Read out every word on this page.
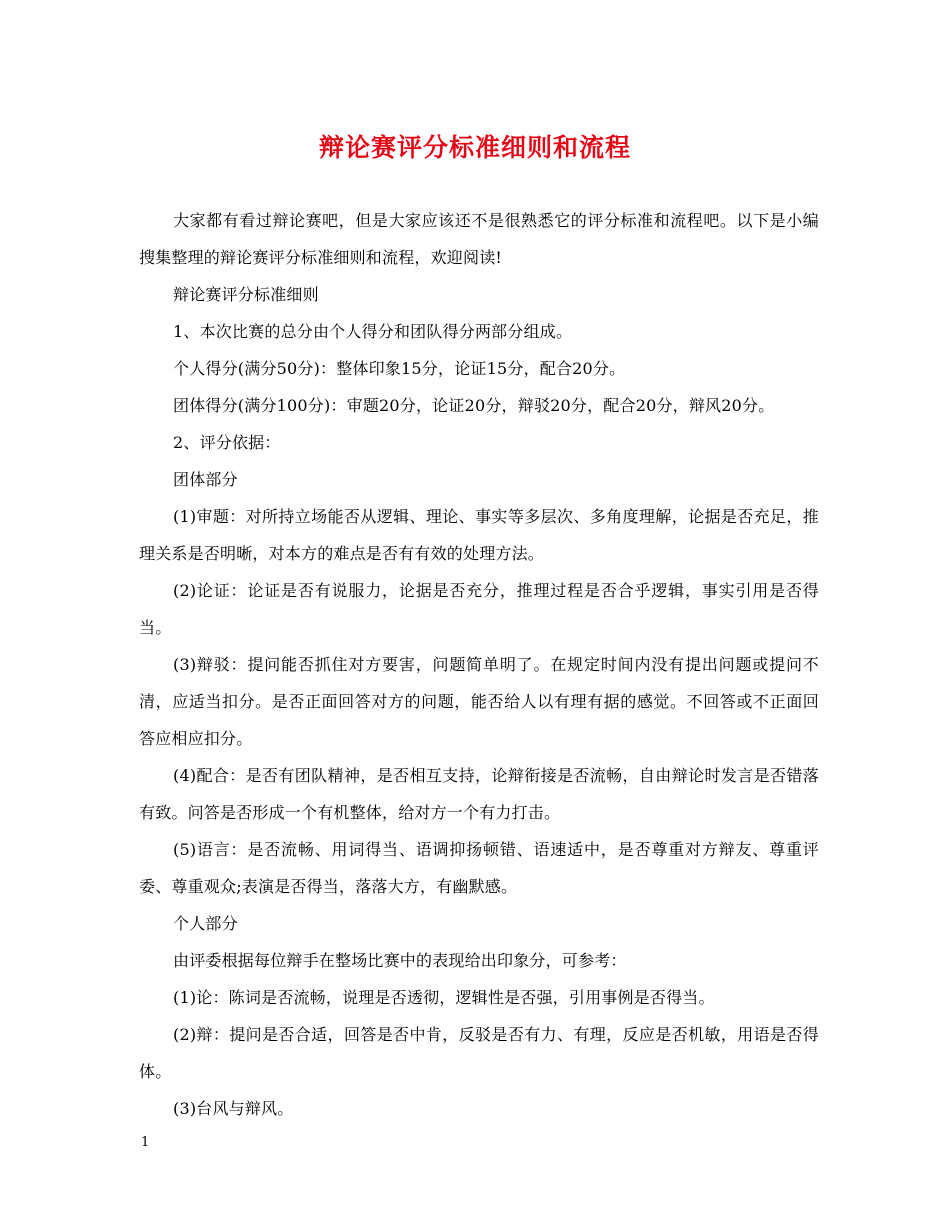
辩论赛评分标准细则和流程

大家都有看过辩论赛吧，但是大家应该还不是很熟悉它的评分标准和流程吧。以下是小编搜集整理的辩论赛评分标准细则和流程，欢迎阅读!

辩论赛评分标准细则

1、本次比赛的总分由个人得分和团队得分两部分组成。

个人得分(满分50分)：整体印象15分，论证15分，配合20分。

团体得分(满分100分)：审题20分，论证20分，辩驳20分，配合20分，辩风20分。

2、评分依据：

团体部分

(1)审题：对所持立场能否从逻辑、理论、事实等多层次、多角度理解，论据是否充足，推理关系是否明晰，对本方的难点是否有有效的处理方法。

(2)论证：论证是否有说服力，论据是否充分，推理过程是否合乎逻辑，事实引用是否得当。

(3)辩驳：提问能否抓住对方要害，问题简单明了。在规定时间内没有提出问题或提问不清，应适当扣分。是否正面回答对方的问题，能否给人以有理有据的感觉。不回答或不正面回答应相应扣分。

(4)配合：是否有团队精神，是否相互支持，论辩衔接是否流畅，自由辩论时发言是否错落有致。问答是否形成一个有机整体，给对方一个有力打击。

(5)语言：是否流畅、用词得当、语调抑扬顿错、语速适中，是否尊重对方辩友、尊重评委、尊重观众;表演是否得当，落落大方，有幽默感。

个人部分

由评委根据每位辩手在整场比赛中的表现给出印象分，可参考：

(1)论：陈词是否流畅，说理是否透彻，逻辑性是否强，引用事例是否得当。

(2)辩：提问是否合适，回答是否中肯，反驳是否有力、有理，反应是否机敏，用语是否得体。

(3)台风与辩风。

1
